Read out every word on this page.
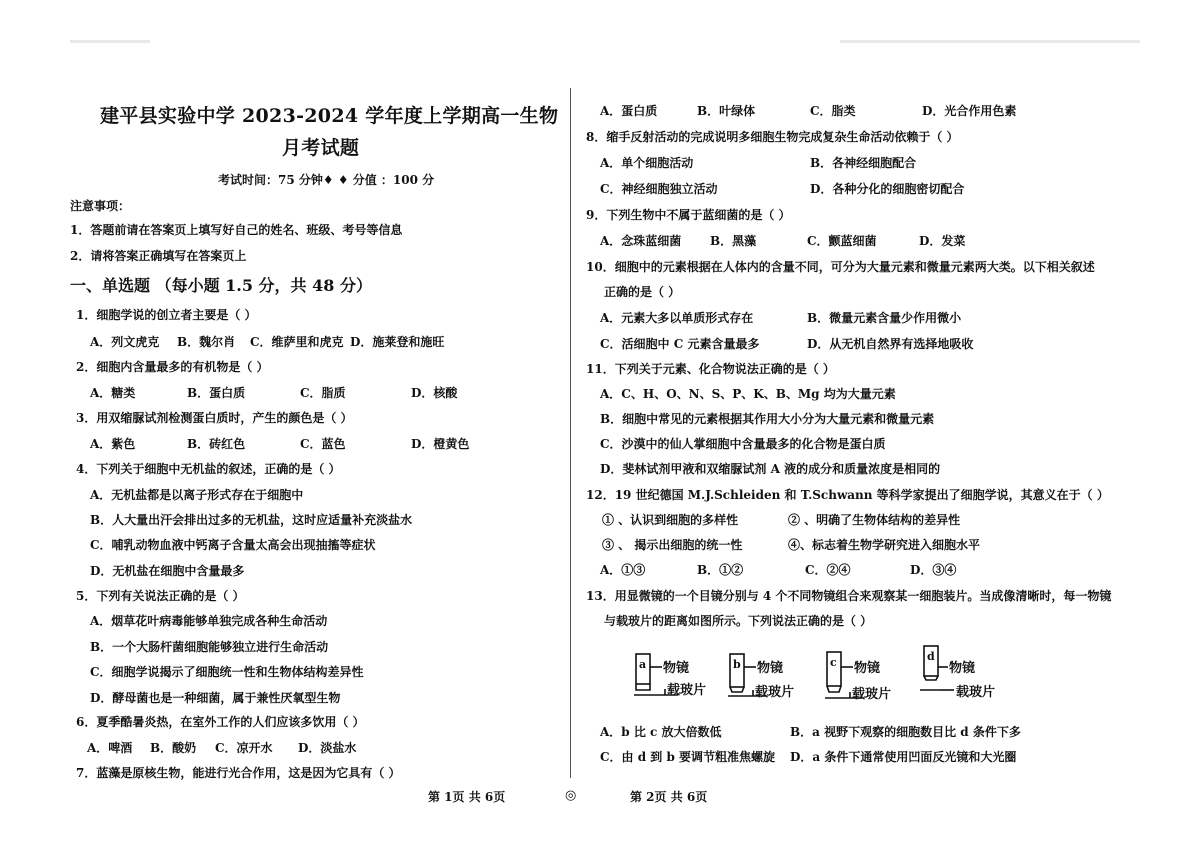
建平县实验中学 2023-2024 学年度上学期高一生物
月考试题
考试时间：75 分钟♦ ♦ 分值 ：100 分
注意事项：
1．答题前请在答案页上填写好自己的姓名、班级、考号等信息
2．请将答案正确填写在答案页上
一、单选题 （每小题 1.5 分，共 48 分）
1．细胞学说的创立者主要是（ ）
A．列文虎克 B．魏尔肖 C．维萨里和虎克 D．施莱登和施旺
2．细胞内含量最多的有机物是（ ）
A．糖类	B．蛋白质	C．脂质	D．核酸
3．用双缩脲试剂检测蛋白质时，产生的颜色是（ ）
A．紫色	B．砖红色	C．蓝色	D．橙黄色
4．下列关于细胞中无机盐的叙述，正确的是（ ）
A．无机盐都是以离子形式存在于细胞中
B．人大量出汗会排出过多的无机盐，这时应适量补充淡盐水
C．哺乳动物血液中钙离子含量太高会出现抽搐等症状
D．无机盐在细胞中含量最多
5．下列有关说法正确的是（ ）
A．烟草花叶病毒能够单独完成各种生命活动
B．一个大肠杆菌细胞能够独立进行生命活动
C．细胞学说揭示了细胞统一性和生物体结构差异性
D．酵母菌也是一种细菌，属于兼性厌氧型生物
6．夏季酷暑炎热，在室外工作的人们应该多饮用（ ）
A．啤酒 B．酸奶 C．凉开水 D．淡盐水
7．蓝藻是原核生物，能进行光合作用，这是因为它具有（ ）
A．蛋白质	B．叶绿体	C．脂类	D．光合作用色素
8．缩手反射活动的完成说明多细胞生物完成复杂生命活动依赖于（ ）
A．单个细胞活动	B．各神经细胞配合
C．神经细胞独立活动	D．各种分化的细胞密切配合
9．下列生物中不属于蓝细菌的是（ ）
A．念珠蓝细菌 B．黑藻	C．颤蓝细菌	D．发菜
10．细胞中的元素根据在人体内的含量不同，可分为大量元素和微量元素两大类。以下相关叙述
正确的是（ ）
A．元素大多以单质形式存在	B．微量元素含量少作用微小
C．活细胞中 C 元素含量最多	D．从无机自然界有选择地吸收
11．下列关于元素、化合物说法正确的是（ ）
A．C、H、O、N、S、P、K、B、Mg 均为大量元素
B．细胞中常见的元素根据其作用大小分为大量元素和微量元素
C．沙漠中的仙人掌细胞中含量最多的化合物是蛋白质
D．斐林试剂甲液和双缩脲试剂 A 液的成分和质量浓度是相同的
12．19 世纪德国 M.J.Schleiden 和 T.Schwann 等科学家提出了细胞学说，其意义在于（ ）
① 、认识到细胞的多样性	② 、明确了生物体结构的差异性
③ 、 揭示出细胞的统一性	④、标志着生物学研究进入细胞水平
A．①③	B．①②	C．②④	D．③④
13．用显微镜的一个目镜分别与 4 个不同物镜组合来观察某一细胞装片。当成像清晰时，每一物镜
与载玻片的距离如图所示。下列说法正确的是（ ）
a	b	c	d
物镜	物镜	物镜	物镜
载玻片	载玻片	载玻片	载玻片
A．b 比 c 放大倍数低	B．a 视野下观察的细胞数目比 d 条件下多
C．由 d 到 b 要调节粗准焦螺旋 D．a 条件下通常使用凹面反光镜和大光圈
第 1页 共 6页	◎	第 2页 共 6页
